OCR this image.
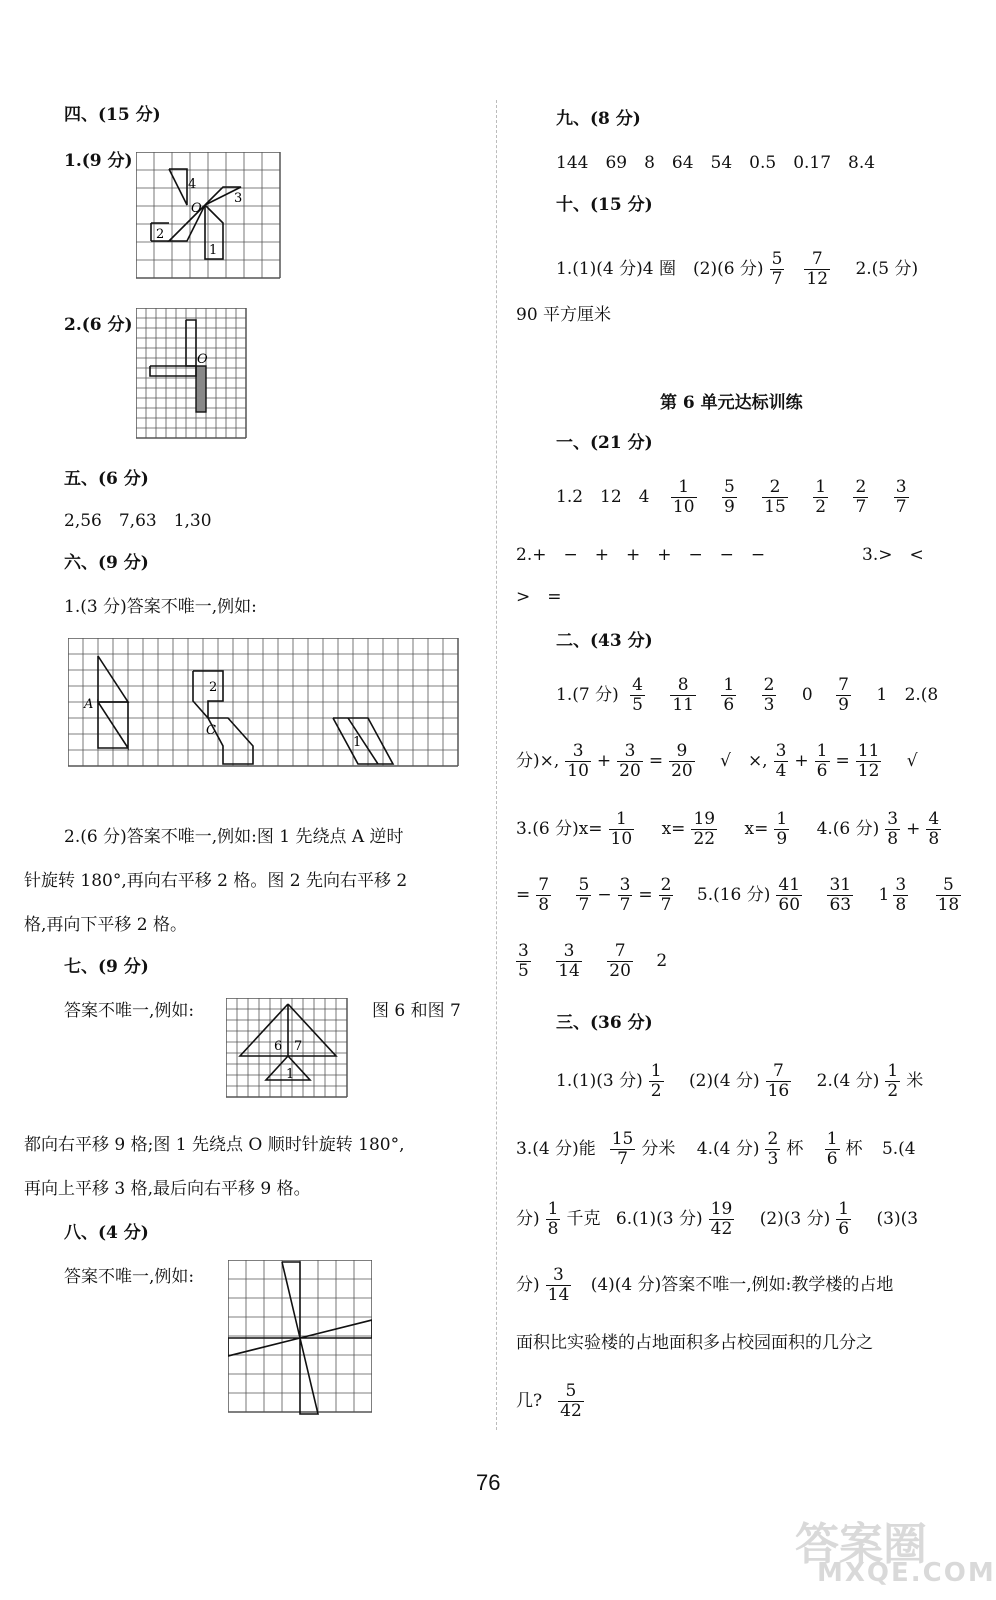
四、(15 分)
1.(9 分)
4
O
3
2
1
2.(6 分)
O
五、(6 分)
2,56　7,63　1,30
六、(9 分)
1.(3 分)答案不唯一,例如:
A
2
C
1
2.(6 分)答案不唯一,例如:图 1 先绕点 A 逆时
针旋转 180°,再向右平移 2 格。图 2 先向右平移 2
格,再向下平移 2 格。
七、(9 分)
答案不唯一,例如:	图 6 和图 7
6 7
1
都向右平移 9 格;图 1 先绕点 O 顺时针旋转 180°,
再向上平移 3 格,最后向右平移 9 格。
八、(4 分)
答案不唯一,例如:
九、(8 分)
144　69　8　64　54　0.5　0.17　8.4
十、(15 分)
1.(1)(4 分)4 圈　(2)(6 分) $\frac{5}{7} \frac{7}{12} 2.(5$ 分)
90 平方厘米
第 6 单元达标训练
一、(21 分)
1.2　12　$4 \frac{1}{10}$
$\frac{5}{9}$
$\frac{2}{15}$
$\frac{1}{2}$
$\frac{2}{7}$
$\frac{3}{7}$
2.+　−　+　+　+　−　−　−	3.>　<
>　=
二、(43 分)
1.(7 分) $\frac{4}{5}$
$\frac{8}{11}$
$\frac{1}{6}$
$\frac{2}{3} 0 \frac{7}{9} 1$ 2.(8
分)×, $\frac{3}{10} + \frac{3}{20} = \frac{9}{20}$ √　×, $\frac{3}{4} + \frac{1}{6} = \frac{11}{12}$ √
3.(6 分)$x= \frac{1}{10} x= \frac{19}{22} x= \frac{1}{9} 4.(6$ 分) $\frac{3}{8} + \frac{4}{8}$
= $\frac{7}{8}$
$\frac{5}{7} - \frac{3}{7} = \frac{2}{7} 5.(16$ 分) $\frac{41}{60}$
$\frac{31}{63} 1 \frac{3}{8}$
$\frac{5}{18}$
$\frac{3}{5}$
$\frac{3}{14}$
$\frac{7}{20} 2$
三、(36 分)
1.(1)(3 分) $\frac{1}{2} (2)(4$ 分) $\frac{7}{16} 2.(4$ 分) $\frac{1}{2}$ 米
3.(4 分)能 $\frac{15}{7}$ 分米 4.(4 分) $\frac{2}{3}$ 杯 $\frac{1}{6}$ 杯 5.(4
分) $\frac{1}{8}$ 千克 6.(1)(3 分) $\frac{19}{42} (2)(3$ 分) $\frac{1}{6} (3)(3$
分) $\frac{3}{14} (4)(4$ 分)答案不唯一,例如:教学楼的占地
面积比实验楼的占地面积多占校园面积的几分之
几? $\frac{5}{42}$
76
答案圈
MXQE.COM
